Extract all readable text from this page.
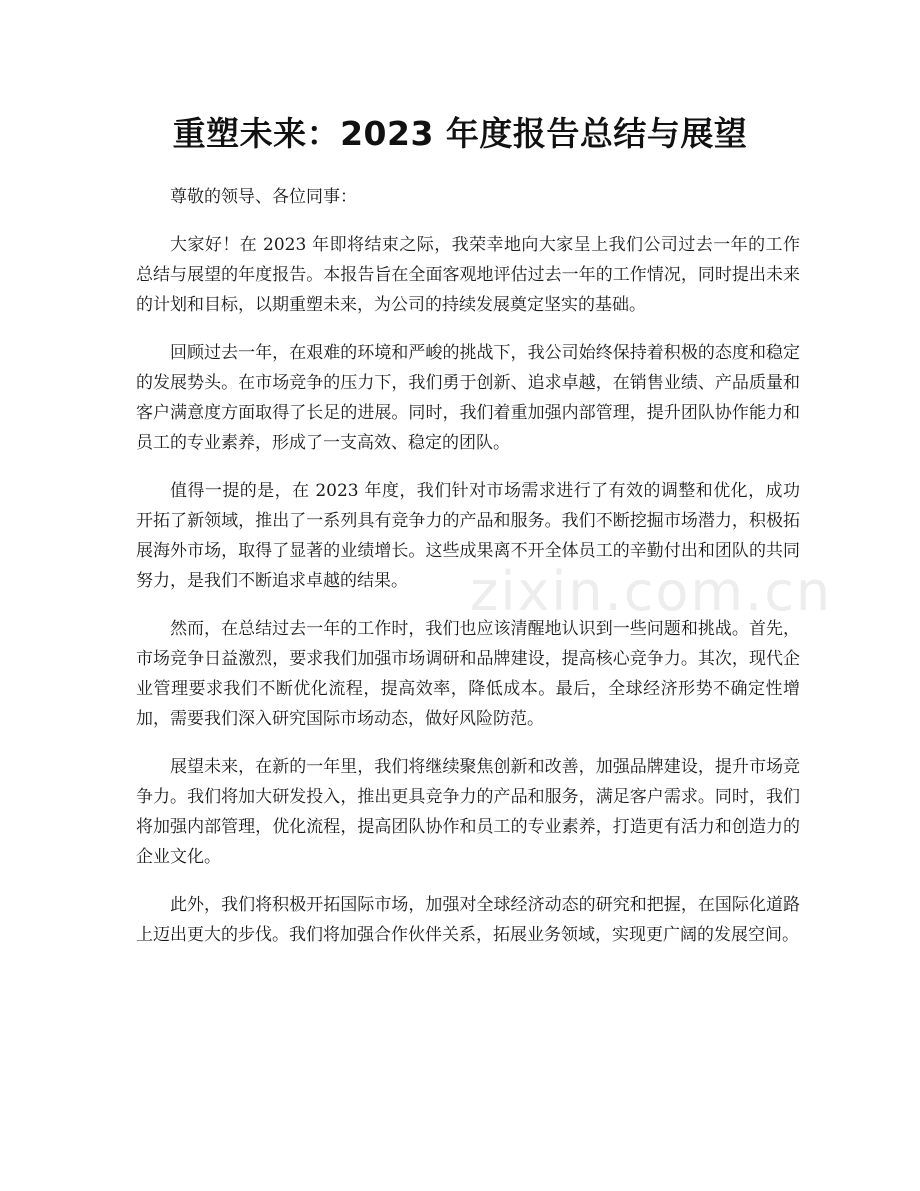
重塑未来：2023 年度报告总结与展望

尊敬的领导、各位同事：

大家好！在 2023 年即将结束之际，我荣幸地向大家呈上我们公司过去一年的工作总结与展望的年度报告。本报告旨在全面客观地评估过去一年的工作情况，同时提出未来的计划和目标，以期重塑未来，为公司的持续发展奠定坚实的基础。

回顾过去一年，在艰难的环境和严峻的挑战下，我公司始终保持着积极的态度和稳定的发展势头。在市场竞争的压力下，我们勇于创新、追求卓越，在销售业绩、产品质量和客户满意度方面取得了长足的进展。同时，我们着重加强内部管理，提升团队协作能力和员工的专业素养，形成了一支高效、稳定的团队。

值得一提的是，在 2023 年度，我们针对市场需求进行了有效的调整和优化，成功开拓了新领域，推出了一系列具有竞争力的产品和服务。我们不断挖掘市场潜力，积极拓展海外市场，取得了显著的业绩增长。这些成果离不开全体员工的辛勤付出和团队的共同努力，是我们不断追求卓越的结果。

然而，在总结过去一年的工作时，我们也应该清醒地认识到一些问题和挑战。首先，市场竞争日益激烈，要求我们加强市场调研和品牌建设，提高核心竞争力。其次，现代企业管理要求我们不断优化流程，提高效率，降低成本。最后，全球经济形势不确定性增加，需要我们深入研究国际市场动态，做好风险防范。

展望未来，在新的一年里，我们将继续聚焦创新和改善，加强品牌建设，提升市场竞争力。我们将加大研发投入，推出更具竞争力的产品和服务，满足客户需求。同时，我们将加强内部管理，优化流程，提高团队协作和员工的专业素养，打造更有活力和创造力的企业文化。

此外，我们将积极开拓国际市场，加强对全球经济动态的研究和把握，在国际化道路上迈出更大的步伐。我们将加强合作伙伴关系，拓展业务领域，实现更广阔的发展空间。

zixin.com.cn
